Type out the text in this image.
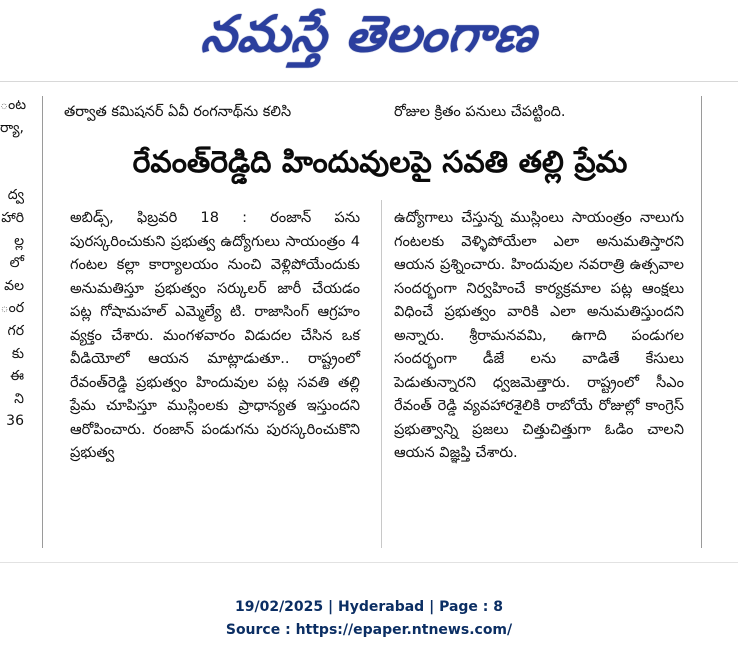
నమస్తే తెలంగాణ
ంట
ర్యా,
ద్వ
హారి
ల్ల
లో
వల
ంర
గర
కు
ఈ
ని
36
తర్వాత కమిషనర్ ఏవీ రంగనాథ్‌ను కలిసి	రోజుల క్రితం పనులు చేపట్టింది.
రేవంత్‌రెడ్డిది హిందువులపై సవతి తల్లి ప్రేమ

అబిడ్స్, ఫిబ్రవరి 18 : రంజాన్ పను పురస్కరించుకుని ప్రభుత్వ ఉద్యోగులు సాయంత్రం 4 గంటల కల్లా కార్యాలయం నుంచి వెళ్లిపోయేందుకు అనుమతిస్తూ ప్రభుత్వం సర్కులర్ జారీ చేయడం పట్ల గోషామహల్ ఎమ్మెల్యే టి. రాజాసింగ్ ఆగ్రహం వ్యక్తం చేశారు. మంగళవారం విడుదల చేసిన ఒక వీడియోలో ఆయన మాట్లాడుతూ.. రాష్ట్రంలో రేవంత్‌రెడ్డి ప్రభుత్వం హిందువుల పట్ల సవతి తల్లి ప్రేమ చూపిస్తూ ముస్లింలకు ప్రాధాన్యత ఇస్తుందని ఆరోపించారు. రంజాన్ పండుగను పురస్కరించుకొని ప్రభుత్వ

ఉద్యోగాలు చేస్తున్న ముస్లింలు సాయంత్రం నాలుగు గంటలకు వెళ్ళిపోయేలా ఎలా అనుమతిస్తారని ఆయన ప్రశ్నించారు. హిందువుల నవరాత్రి ఉత్సవాల సందర్భంగా నిర్వహించే కార్యక్రమాల పట్ల ఆంక్షలు విధించే ప్రభుత్వం వారికి ఎలా అనుమతిస్తుందని అన్నారు. శ్రీరామనవమి, ఉగాది పండుగల సందర్భంగా డీజే లను వాడితే కేసులు పెడుతున్నారని ధ్వజమెత్తారు. రాష్ట్రంలో సీఎం రేవంత్ రెడ్డి వ్యవహారశైలికి రాబోయే రోజుల్లో కాంగ్రెస్ ప్రభుత్వాన్ని ప్రజలు చిత్తుచిత్తుగా ఓడిం చాలని ఆయన విజ్ఞప్తి చేశారు.

19/02/2025 | Hyderabad | Page : 8
Source : https://epaper.ntnews.com/
